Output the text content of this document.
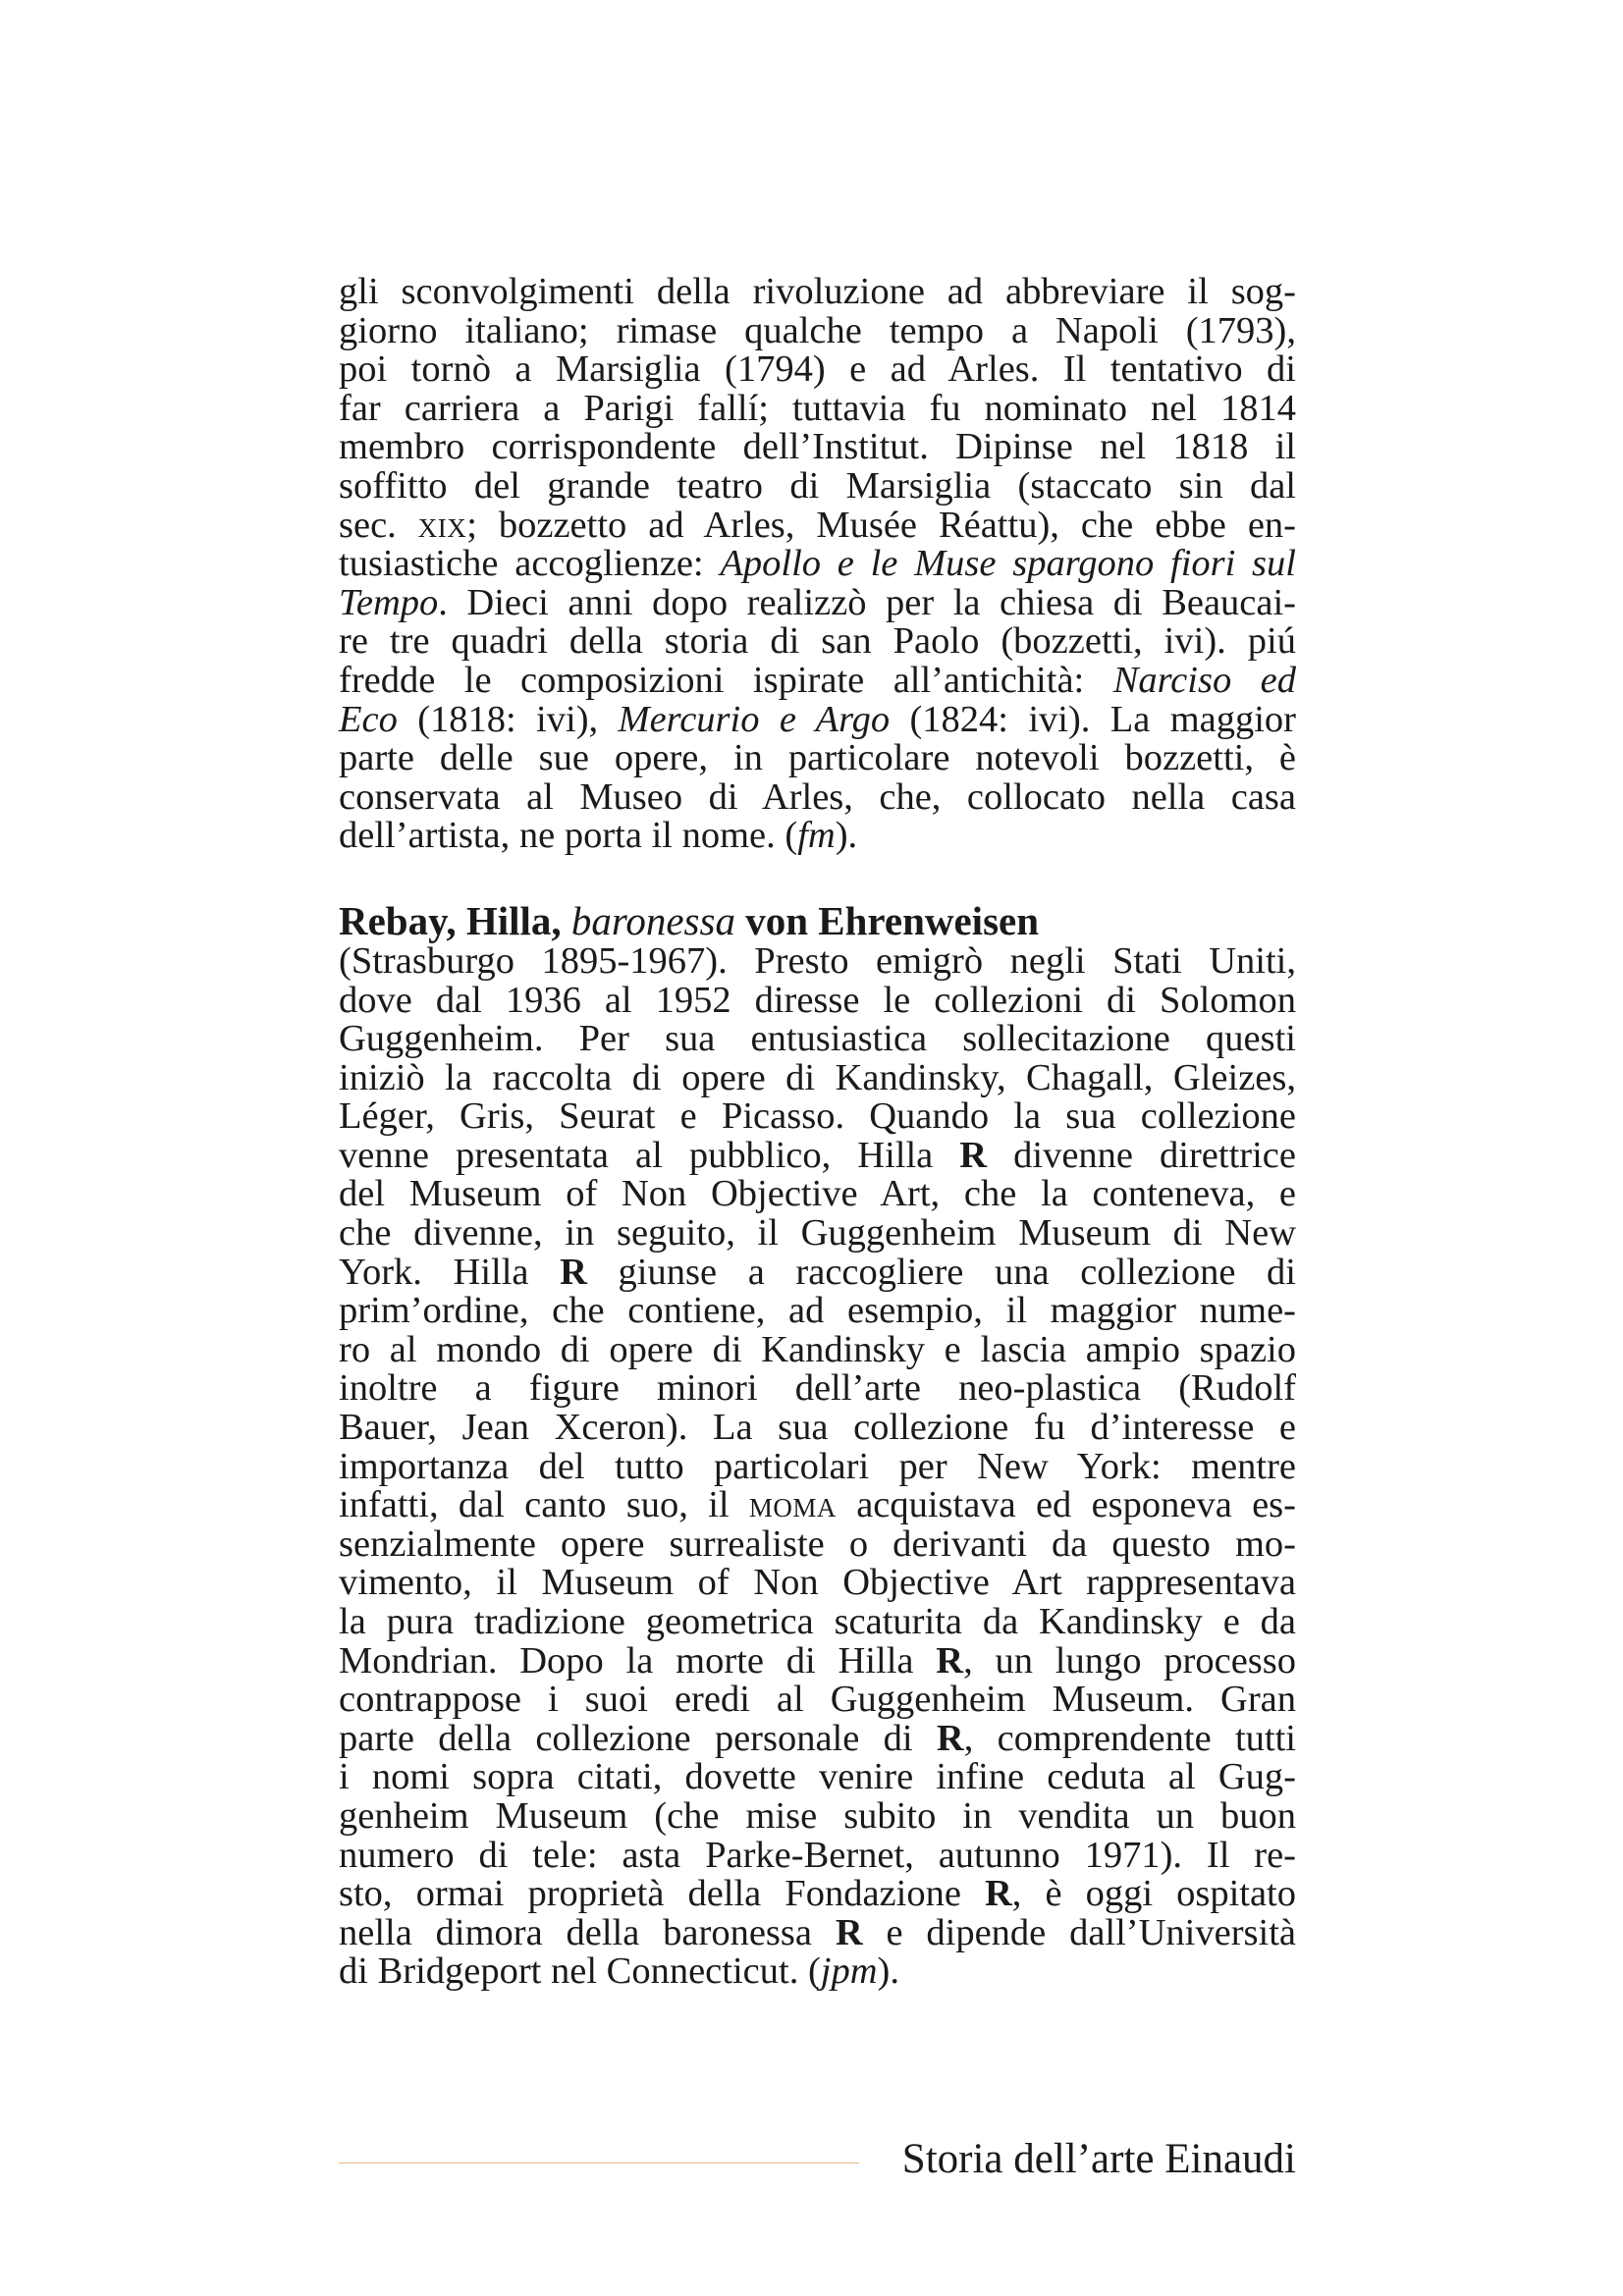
gli sconvolgimenti della rivoluzione ad abbreviare il sog-
giorno italiano; rimase qualche tempo a Napoli (1793),
poi tornò a Marsiglia (1794) e ad Arles. Il tentativo di
far carriera a Parigi fallí; tuttavia fu nominato nel 1814
membro corrispondente dell’Institut. Dipinse nel 1818 il
soffitto del grande teatro di Marsiglia (staccato sin dal
sec. xix; bozzetto ad Arles, Musée Réattu), che ebbe en-
tusiastiche accoglienze: Apollo e le Muse spargono fiori sul
Tempo. Dieci anni dopo realizzò per la chiesa di Beaucai-
re tre quadri della storia di san Paolo (bozzetti, ivi). piú
fredde le composizioni ispirate all’antichità: Narciso ed
Eco (1818: ivi), Mercurio e Argo (1824: ivi). La maggior
parte delle sue opere, in particolare notevoli bozzetti, è
conservata al Museo di Arles, che, collocato nella casa
dell’artista, ne porta il nome. (fm).
Rebay, Hilla, baronessa von Ehrenweisen
(Strasburgo 1895-1967). Presto emigrò negli Stati Uniti,
dove dal 1936 al 1952 diresse le collezioni di Solomon
Guggenheim. Per sua entusiastica sollecitazione questi
iniziò la raccolta di opere di Kandinsky, Chagall, Gleizes,
Léger, Gris, Seurat e Picasso. Quando la sua collezione
venne presentata al pubblico, Hilla R divenne direttrice
del Museum of Non Objective Art, che la conteneva, e
che divenne, in seguito, il Guggenheim Museum di New
York. Hilla R giunse a raccogliere una collezione di
prim’ordine, che contiene, ad esempio, il maggior nume-
ro al mondo di opere di Kandinsky e lascia ampio spazio
inoltre a figure minori dell’arte neo-plastica (Rudolf
Bauer, Jean Xceron). La sua collezione fu d’interesse e
importanza del tutto particolari per New York: mentre
infatti, dal canto suo, il moma acquistava ed esponeva es-
senzialmente opere surrealiste o derivanti da questo mo-
vimento, il Museum of Non Objective Art rappresentava
la pura tradizione geometrica scaturita da Kandinsky e da
Mondrian. Dopo la morte di Hilla R, un lungo processo
contrappose i suoi eredi al Guggenheim Museum. Gran
parte della collezione personale di R, comprendente tutti
i nomi sopra citati, dovette venire infine ceduta al Gug-
genheim Museum (che mise subito in vendita un buon
numero di tele: asta Parke-Bernet, autunno 1971). Il re-
sto, ormai proprietà della Fondazione R, è oggi ospitato
nella dimora della baronessa R e dipende dall’Università
di Bridgeport nel Connecticut. (jpm).
Storia dell’arte Einaudi
